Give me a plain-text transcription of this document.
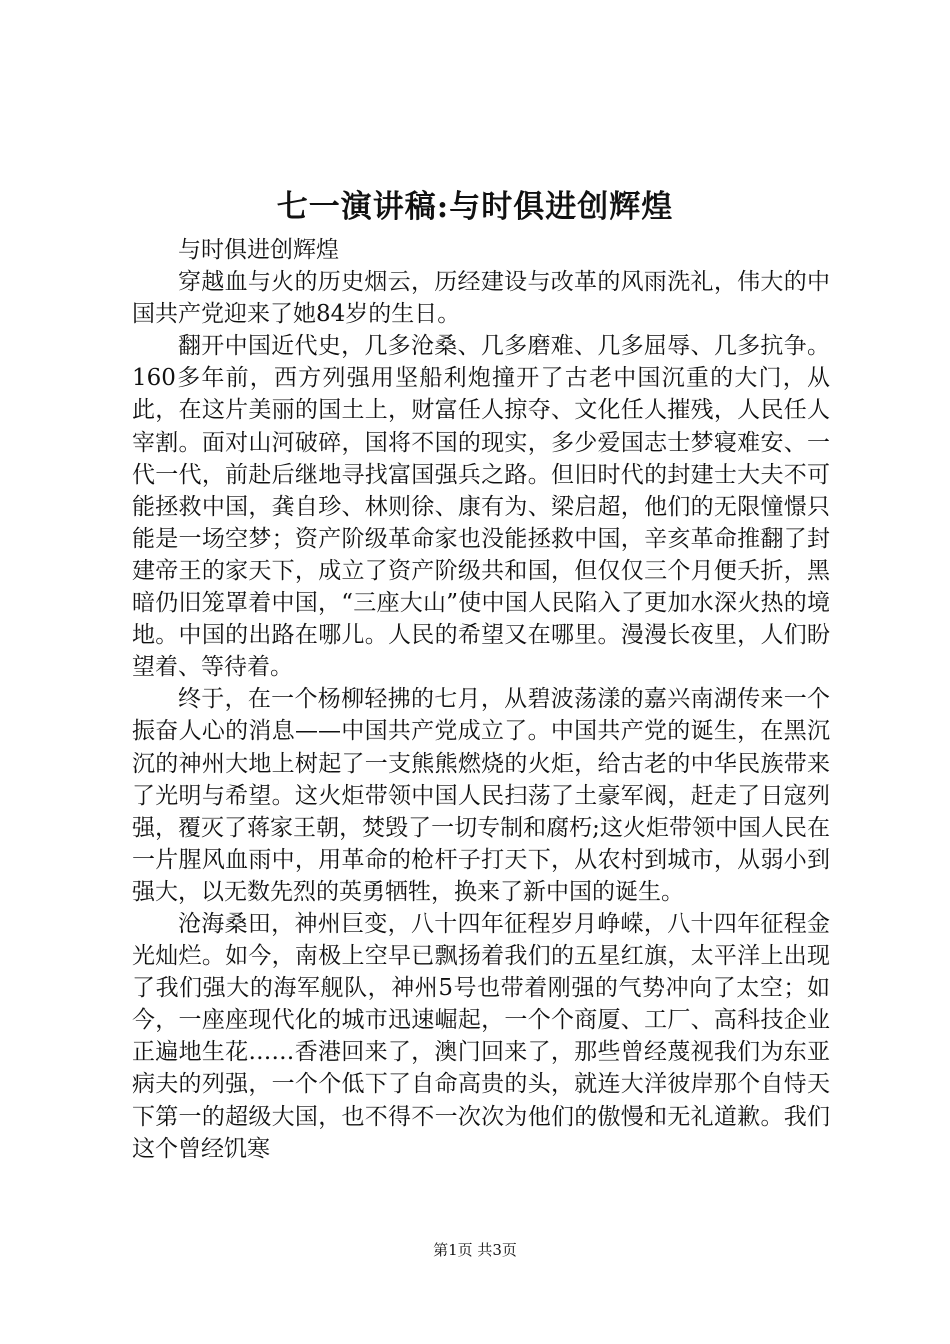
七一演讲稿:与时俱进创辉煌

与时俱进创辉煌

穿越血与火的历史烟云，历经建设与改革的风雨洗礼，伟大的中国共产党迎来了她84岁的生日。

翻开中国近代史，几多沧桑、几多磨难、几多屈辱、几多抗争。160多年前，西方列强用坚船利炮撞开了古老中国沉重的大门，从此，在这片美丽的国土上，财富任人掠夺、文化任人摧残，人民任人宰割。面对山河破碎，国将不国的现实，多少爱国志士梦寝难安、一代一代，前赴后继地寻找富国强兵之路。但旧时代的封建士大夫不可能拯救中国，龚自珍、林则徐、康有为、梁启超，他们的无限憧憬只能是一场空梦；资产阶级革命家也没能拯救中国，辛亥革命推翻了封建帝王的家天下，成立了资产阶级共和国，但仅仅三个月便夭折，黑暗仍旧笼罩着中国，“三座大山”使中国人民陷入了更加水深火热的境地。中国的出路在哪儿。人民的希望又在哪里。漫漫长夜里，人们盼望着、等待着。

终于，在一个杨柳轻拂的七月，从碧波荡漾的嘉兴南湖传来一个振奋人心的消息——中国共产党成立了。中国共产党的诞生，在黑沉沉的神州大地上树起了一支熊熊燃烧的火炬，给古老的中华民族带来了光明与希望。这火炬带领中国人民扫荡了土豪军阀，赶走了日寇列强，覆灭了蒋家王朝，焚毁了一切专制和腐朽;这火炬带领中国人民在一片腥风血雨中，用革命的枪杆子打天下，从农村到城市，从弱小到强大，以无数先烈的英勇牺牲，换来了新中国的诞生。

沧海桑田，神州巨变，八十四年征程岁月峥嵘，八十四年征程金光灿烂。如今，南极上空早已飘扬着我们的五星红旗，太平洋上出现了我们强大的海军舰队，神州5号也带着刚强的气势冲向了太空；如今，一座座现代化的城市迅速崛起，一个个商厦、工厂、高科技企业正遍地生花……香港回来了，澳门回来了，那些曾经蔑视我们为东亚病夫的列强，一个个低下了自命高贵的头，就连大洋彼岸那个自恃天下第一的超级大国，也不得不一次次为他们的傲慢和无礼道歉。我们这个曾经饥寒

第1页 共3页
